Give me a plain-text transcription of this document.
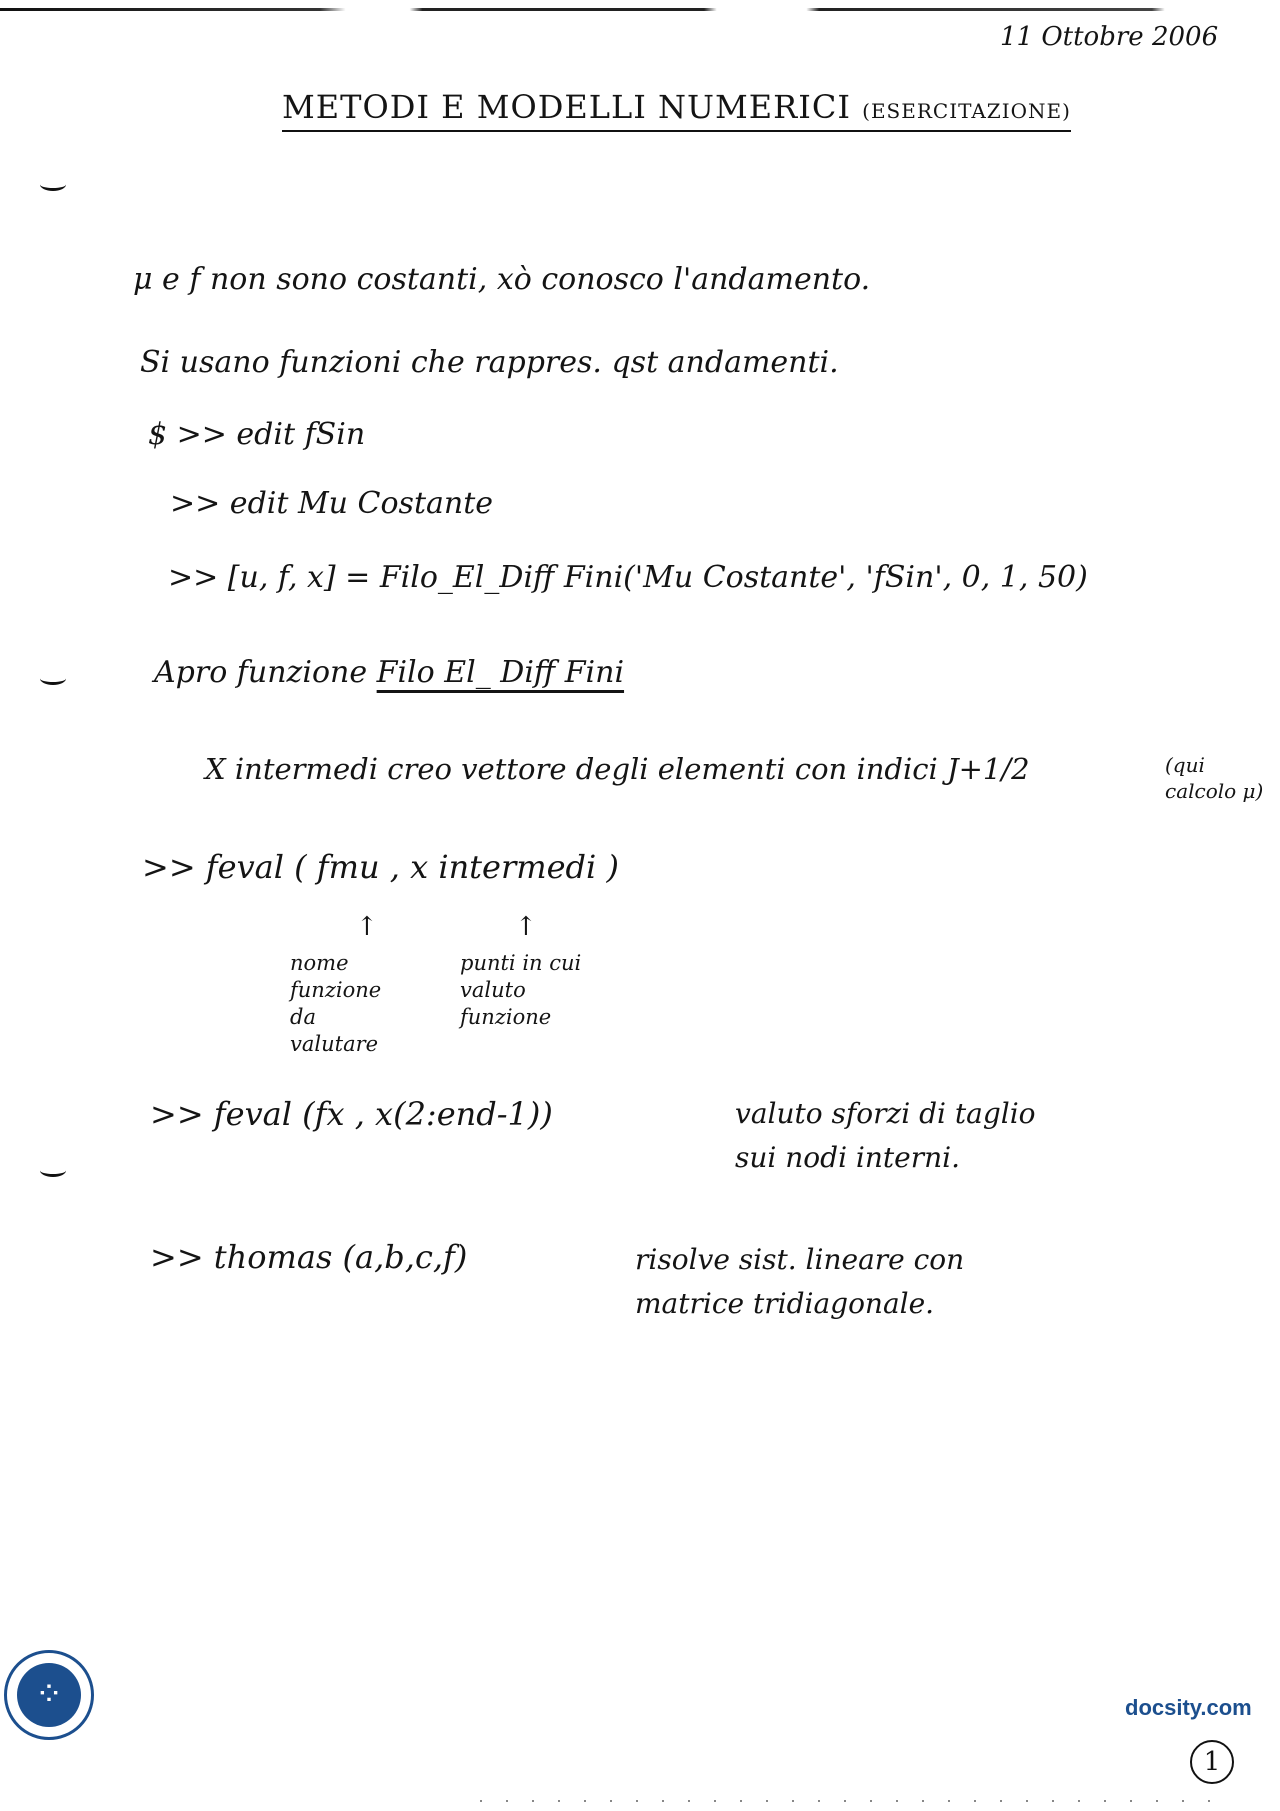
11 Ottobre 2006
METODI E MODELLI NUMERICI (ESERCITAZIONE)
μ e f non sono costanti, xò conosco l'andamento.
Si usano funzioni che rappres. qst andamenti.
$ >> edit fSin
>> edit Mu Costante
>> [u, f, x] = Filo_El_Diff Fini('Mu Costante', 'fSin', 0, 1, 50)
Apro funzione Filo El_ Diff Fini
X intermedi creo vettore degli elementi con indici J+1/2	(qui calcolo μ)
>> feval ( fmu , x intermedi )
↑	↑
nome
funzione
da
valutare
punti in cui
valuto
funzione
>> feval (fx , x(2:end-1))	valuto sforzi di taglio
sui nodi interni.
>> thomas (a,b,c,f)	risolve sist. lineare con
matrice tridiagonale.
⁘	docsity.com
1
